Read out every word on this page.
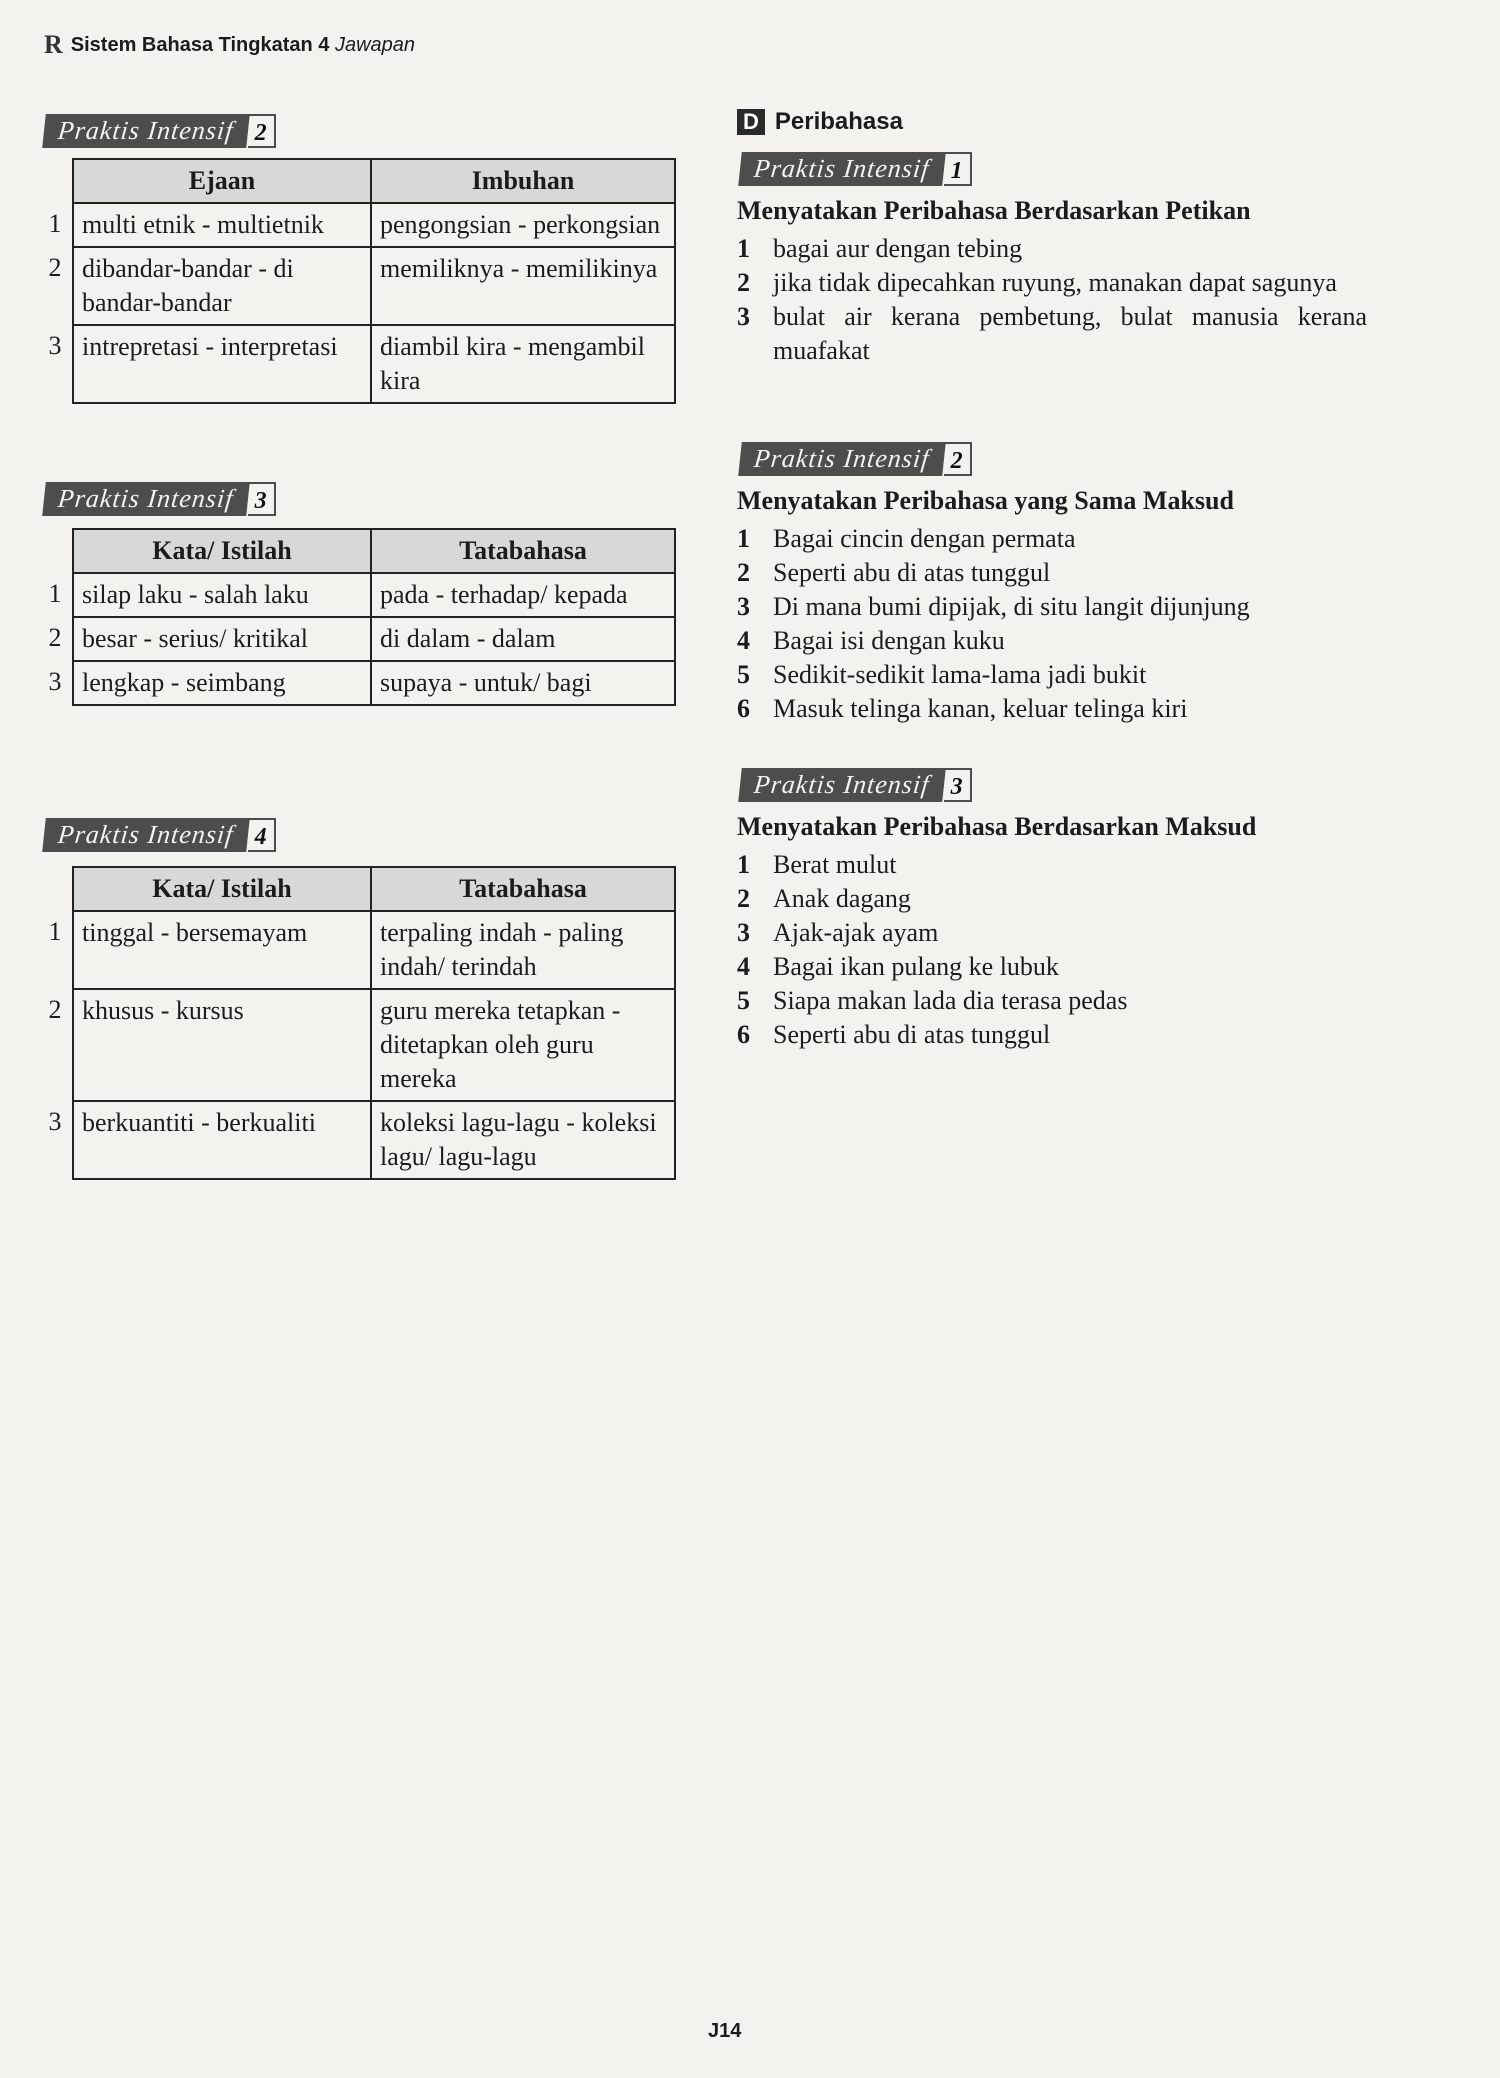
R Sistem Bahasa Tingkatan 4 Jawapan
Praktis Intensif 2
	Ejaan	Imbuhan
1	multi etnik - multietnik	pengongsian - perkongsian
2	dibandar-bandar - di bandar-bandar	memiliknya - memilikinya
3	intrepretasi - interpretasi	diambil kira - mengambil kira
Praktis Intensif 3
	Kata/ Istilah	Tatabahasa
1	silap laku - salah laku	pada - terhadap/ kepada
2	besar - serius/ kritikal	di dalam - dalam
3	lengkap - seimbang	supaya - untuk/ bagi
Praktis Intensif 4
	Kata/ Istilah	Tatabahasa
1	tinggal - bersemayam	terpaling indah - paling indah/ terindah
2	khusus - kursus	guru mereka tetapkan - ditetapkan oleh guru mereka
3	berkuantiti - berkualiti	koleksi lagu-lagu - koleksi lagu/ lagu-lagu
D Peribahasa
Praktis Intensif 1
Menyatakan Peribahasa Berdasarkan Petikan
1 bagai aur dengan tebing
2 jika tidak dipecahkan ruyung, manakan dapat sagunya
3 bulat air kerana pembetung, bulat manusia kerana muafakat
Praktis Intensif 2
Menyatakan Peribahasa yang Sama Maksud
1 Bagai cincin dengan permata
2 Seperti abu di atas tunggul
3 Di mana bumi dipijak, di situ langit dijunjung
4 Bagai isi dengan kuku
5 Sedikit-sedikit lama-lama jadi bukit
6 Masuk telinga kanan, keluar telinga kiri
Praktis Intensif 3
Menyatakan Peribahasa Berdasarkan Maksud
1 Berat mulut
2 Anak dagang
3 Ajak-ajak ayam
4 Bagai ikan pulang ke lubuk
5 Siapa makan lada dia terasa pedas
6 Seperti abu di atas tunggul
J14
